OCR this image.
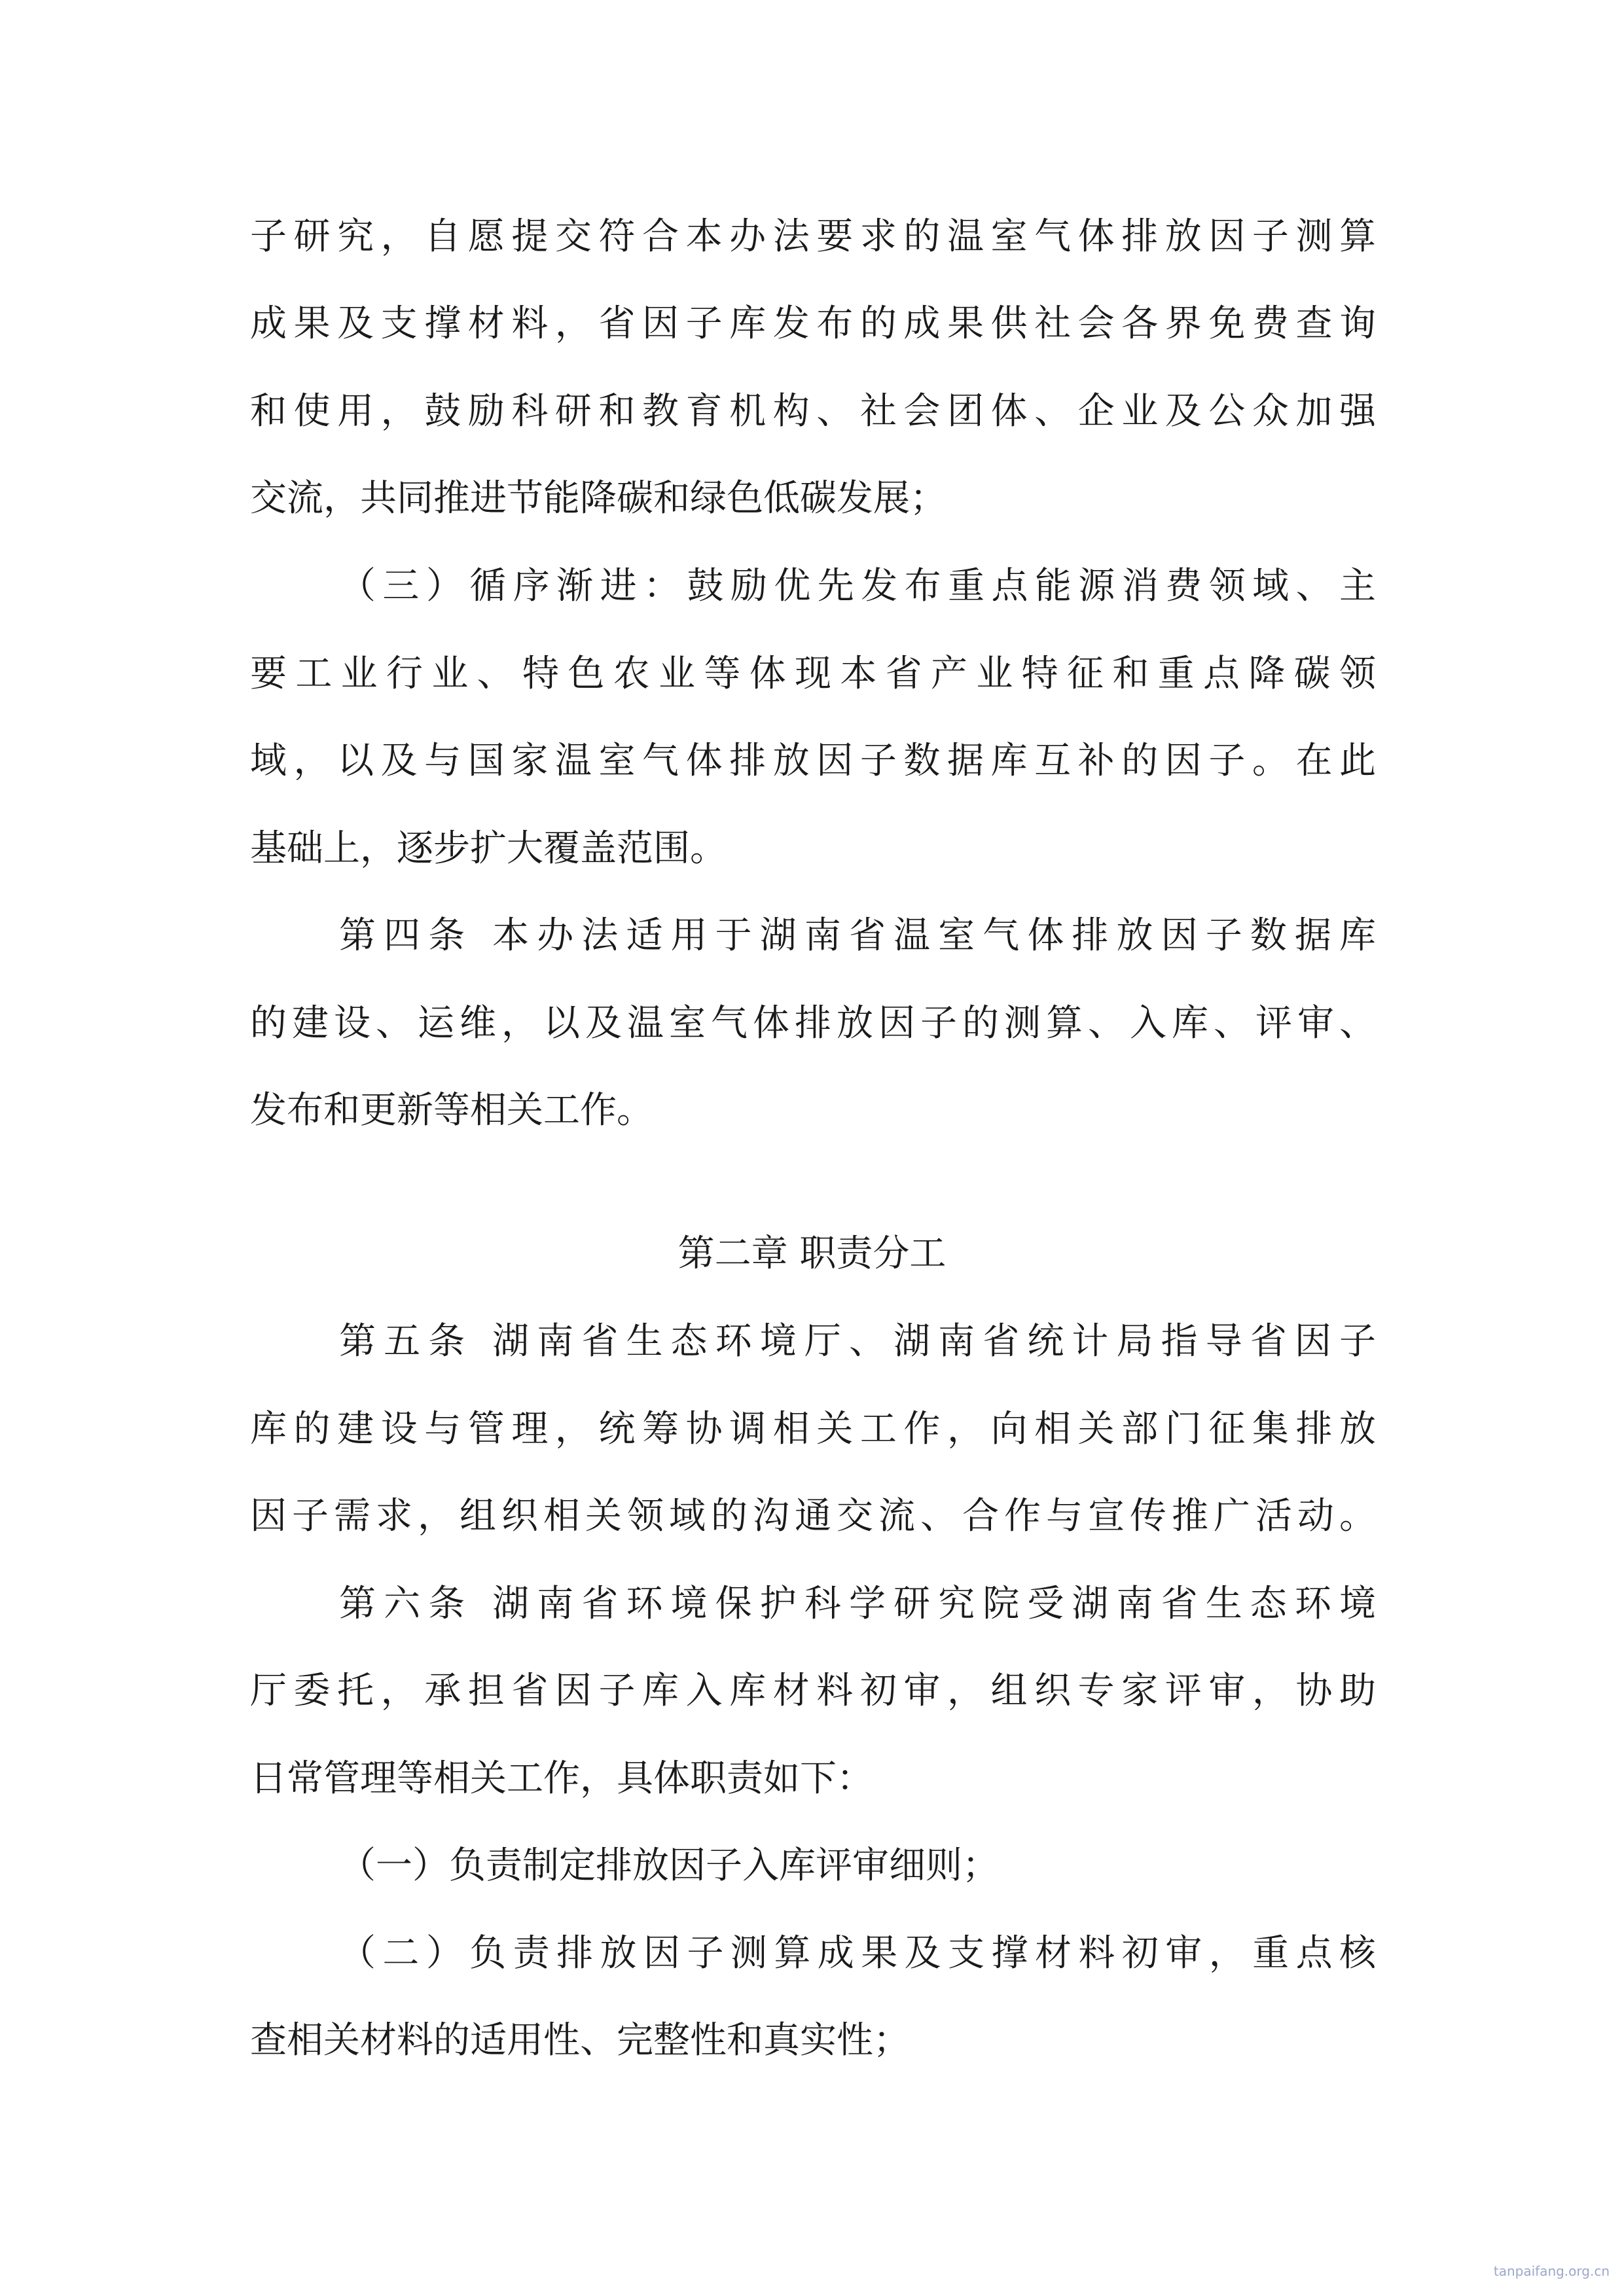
子研究，自愿提交符合本办法要求的温室气体排放因子测算
成果及支撑材料，省因子库发布的成果供社会各界免费查询
和使用，鼓励科研和教育机构、社会团体、企业及公众加强
交流，共同推进节能降碳和绿色低碳发展；
（三）循序渐进：鼓励优先发布重点能源消费领域、主
要工业行业、特色农业等体现本省产业特征和重点降碳领
域，以及与国家温室气体排放因子数据库互补的因子。在此
基础上，逐步扩大覆盖范围。
第四条 本办法适用于湖南省温室气体排放因子数据库
的建设、运维，以及温室气体排放因子的测算、入库、评审、
发布和更新等相关工作。
第二章 职责分工
第五条 湖南省生态环境厅、湖南省统计局指导省因子
库的建设与管理，统筹协调相关工作，向相关部门征集排放
因子需求，组织相关领域的沟通交流、合作与宣传推广活动。
第六条 湖南省环境保护科学研究院受湖南省生态环境
厅委托，承担省因子库入库材料初审，组织专家评审，协助
日常管理等相关工作，具体职责如下：
（一）负责制定排放因子入库评审细则；
（二）负责排放因子测算成果及支撑材料初审，重点核
查相关材料的适用性、完整性和真实性；
tanpaifang.org.cn
